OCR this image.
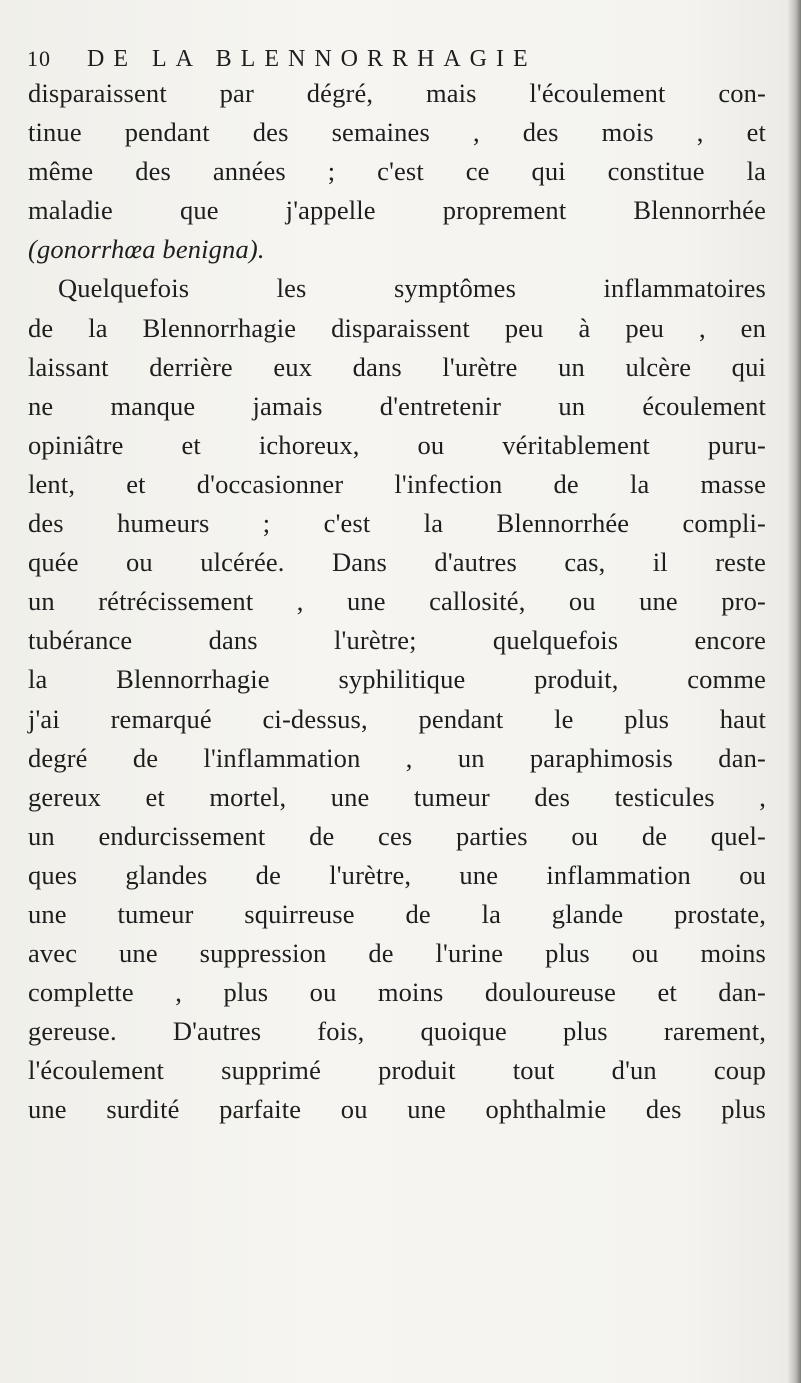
10 DE LA BLENNORRHAGIE
disparaissent par dégré, mais l'écoulement con-
tinue pendant des semaines , des mois , et
même des années ; c'est ce qui constitue la
maladie que j'appelle proprement Blennorrhée
(gonorrhœa benigna).
Quelquefois les symptômes inflammatoires
de la Blennorrhagie disparaissent peu à peu , en
laissant derrière eux dans l'urètre un ulcère qui
ne manque jamais d'entretenir un écoulement
opiniâtre et ichoreux, ou véritablement puru-
lent, et d'occasionner l'infection de la masse
des humeurs ; c'est la Blennorrhée compli-
quée ou ulcérée. Dans d'autres cas, il reste
un rétrécissement , une callosité, ou une pro-
tubérance dans l'urètre; quelquefois encore
la Blennorrhagie syphilitique produit, comme
j'ai remarqué ci-dessus, pendant le plus haut
degré de l'inflammation , un paraphimosis dan-
gereux et mortel, une tumeur des testicules ,
un endurcissement de ces parties ou de quel-
ques glandes de l'urètre, une inflammation ou
une tumeur squirreuse de la glande prostate,
avec une suppression de l'urine plus ou moins
complette , plus ou moins douloureuse et dan-
gereuse. D'autres fois, quoique plus rarement,
l'écoulement supprimé produit tout d'un coup
une surdité parfaite ou une ophthalmie des plus
